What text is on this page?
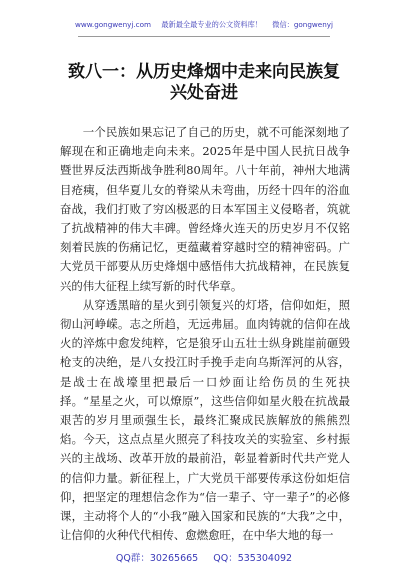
www.gongwenyj.com 最新最全最专业的公文资料库！ 微信：gongwenyj
致八一：从历史烽烟中走来向民族复兴处奋进

一个民族如果忘记了自己的历史，就不可能深刻地了解现在和正确地走向未来。2025年是中国人民抗日战争暨世界反法西斯战争胜利80周年。八十年前，神州大地满目疮痍，但华夏儿女的脊梁从未弯曲，历经十四年的浴血奋战，我们打败了穷凶极恶的日本军国主义侵略者，筑就了抗战精神的伟大丰碑。曾经烽火连天的历史岁月不仅铭刻着民族的伤痛记忆，更蕴藏着穿越时空的精神密码。广大党员干部要从历史烽烟中感悟伟大抗战精神，在民族复兴的伟大征程上续写新的时代华章。

从穿透黑暗的星火到引领复兴的灯塔，信仰如炬，照彻山河峥嵘。志之所趋，无远弗届。血肉铸就的信仰在战火的淬炼中愈发纯粹，它是狼牙山五壮士纵身跳崖前砸毁枪支的决绝，是八女投江时手挽手走向乌斯浑河的从容，是战士在战壕里把最后一口炒面让给伤员的生死抉择。“星星之火，可以燎原”，这些信仰如星火般在抗战最艰苦的岁月里顽强生长，最终汇聚成民族解放的熊熊烈焰。今天，这点点星火照亮了科技攻关的实验室、乡村振兴的主战场、改革开放的最前沿，彰显着新时代共产党人的信仰力量。新征程上，广大党员干部要传承这份如炬信仰，把坚定的理想信念作为“信一辈子、守一辈子”的必修课，主动将个人的“小我”融入国家和民族的“大我”之中，让信仰的火种代代相传、愈燃愈旺，在中华大地的每一

QQ群：30265665 QQ：535304092
